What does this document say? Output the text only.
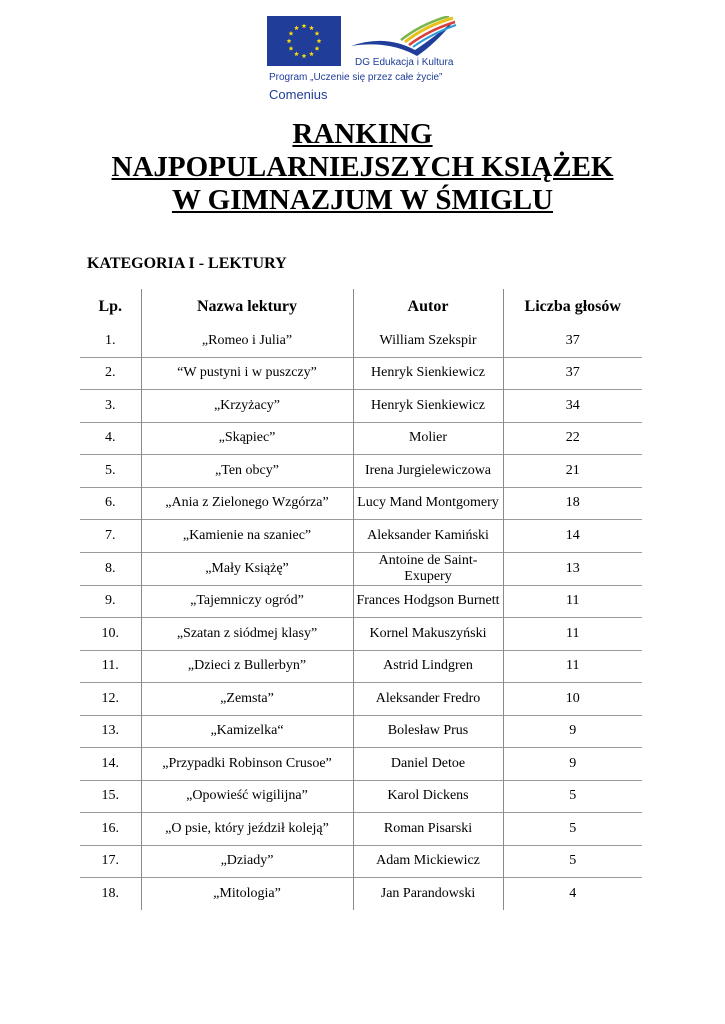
DG Edukacja i Kultura
Program „Uczenie się przez całe życie”
Comenius
RANKING
NAJPOPULARNIEJSZYCH KSIĄŻEK
W GIMNAZJUM W ŚMIGLU
KATEGORIA I - LEKTURY
Lp.	Nazwa lektury	Autor	Liczba głosów
1.	„Romeo i Julia”	William Szekspir	37
2.	“W pustyni i w puszczy”	Henryk Sienkiewicz	37
3.	„Krzyżacy”	Henryk Sienkiewicz	34
4.	„Skąpiec”	Molier	22
5.	„Ten obcy”	Irena Jurgielewiczowa	21
6.	„Ania z Zielonego Wzgórza”	Lucy Mand Montgomery	18
7.	„Kamienie na szaniec”	Aleksander Kamiński	14
8.	„Mały Książę”	Antoine de Saint-Exupery	13
9.	„Tajemniczy ogród”	Frances Hodgson Burnett	11
10.	„Szatan z siódmej klasy”	Kornel Makuszyński	11
11.	„Dzieci z Bullerbyn”	Astrid Lindgren	11
12.	„Zemsta”	Aleksander Fredro	10
13.	„Kamizelka“	Bolesław Prus	9
14.	„Przypadki Robinson Crusoe”	Daniel Detoe	9
15.	„Opowieść wigilijna”	Karol Dickens	5
16.	„O psie, który jeździł koleją”	Roman Pisarski	5
17.	„Dziady”	Adam Mickiewicz	5
18.	„Mitologia”	Jan Parandowski	4
